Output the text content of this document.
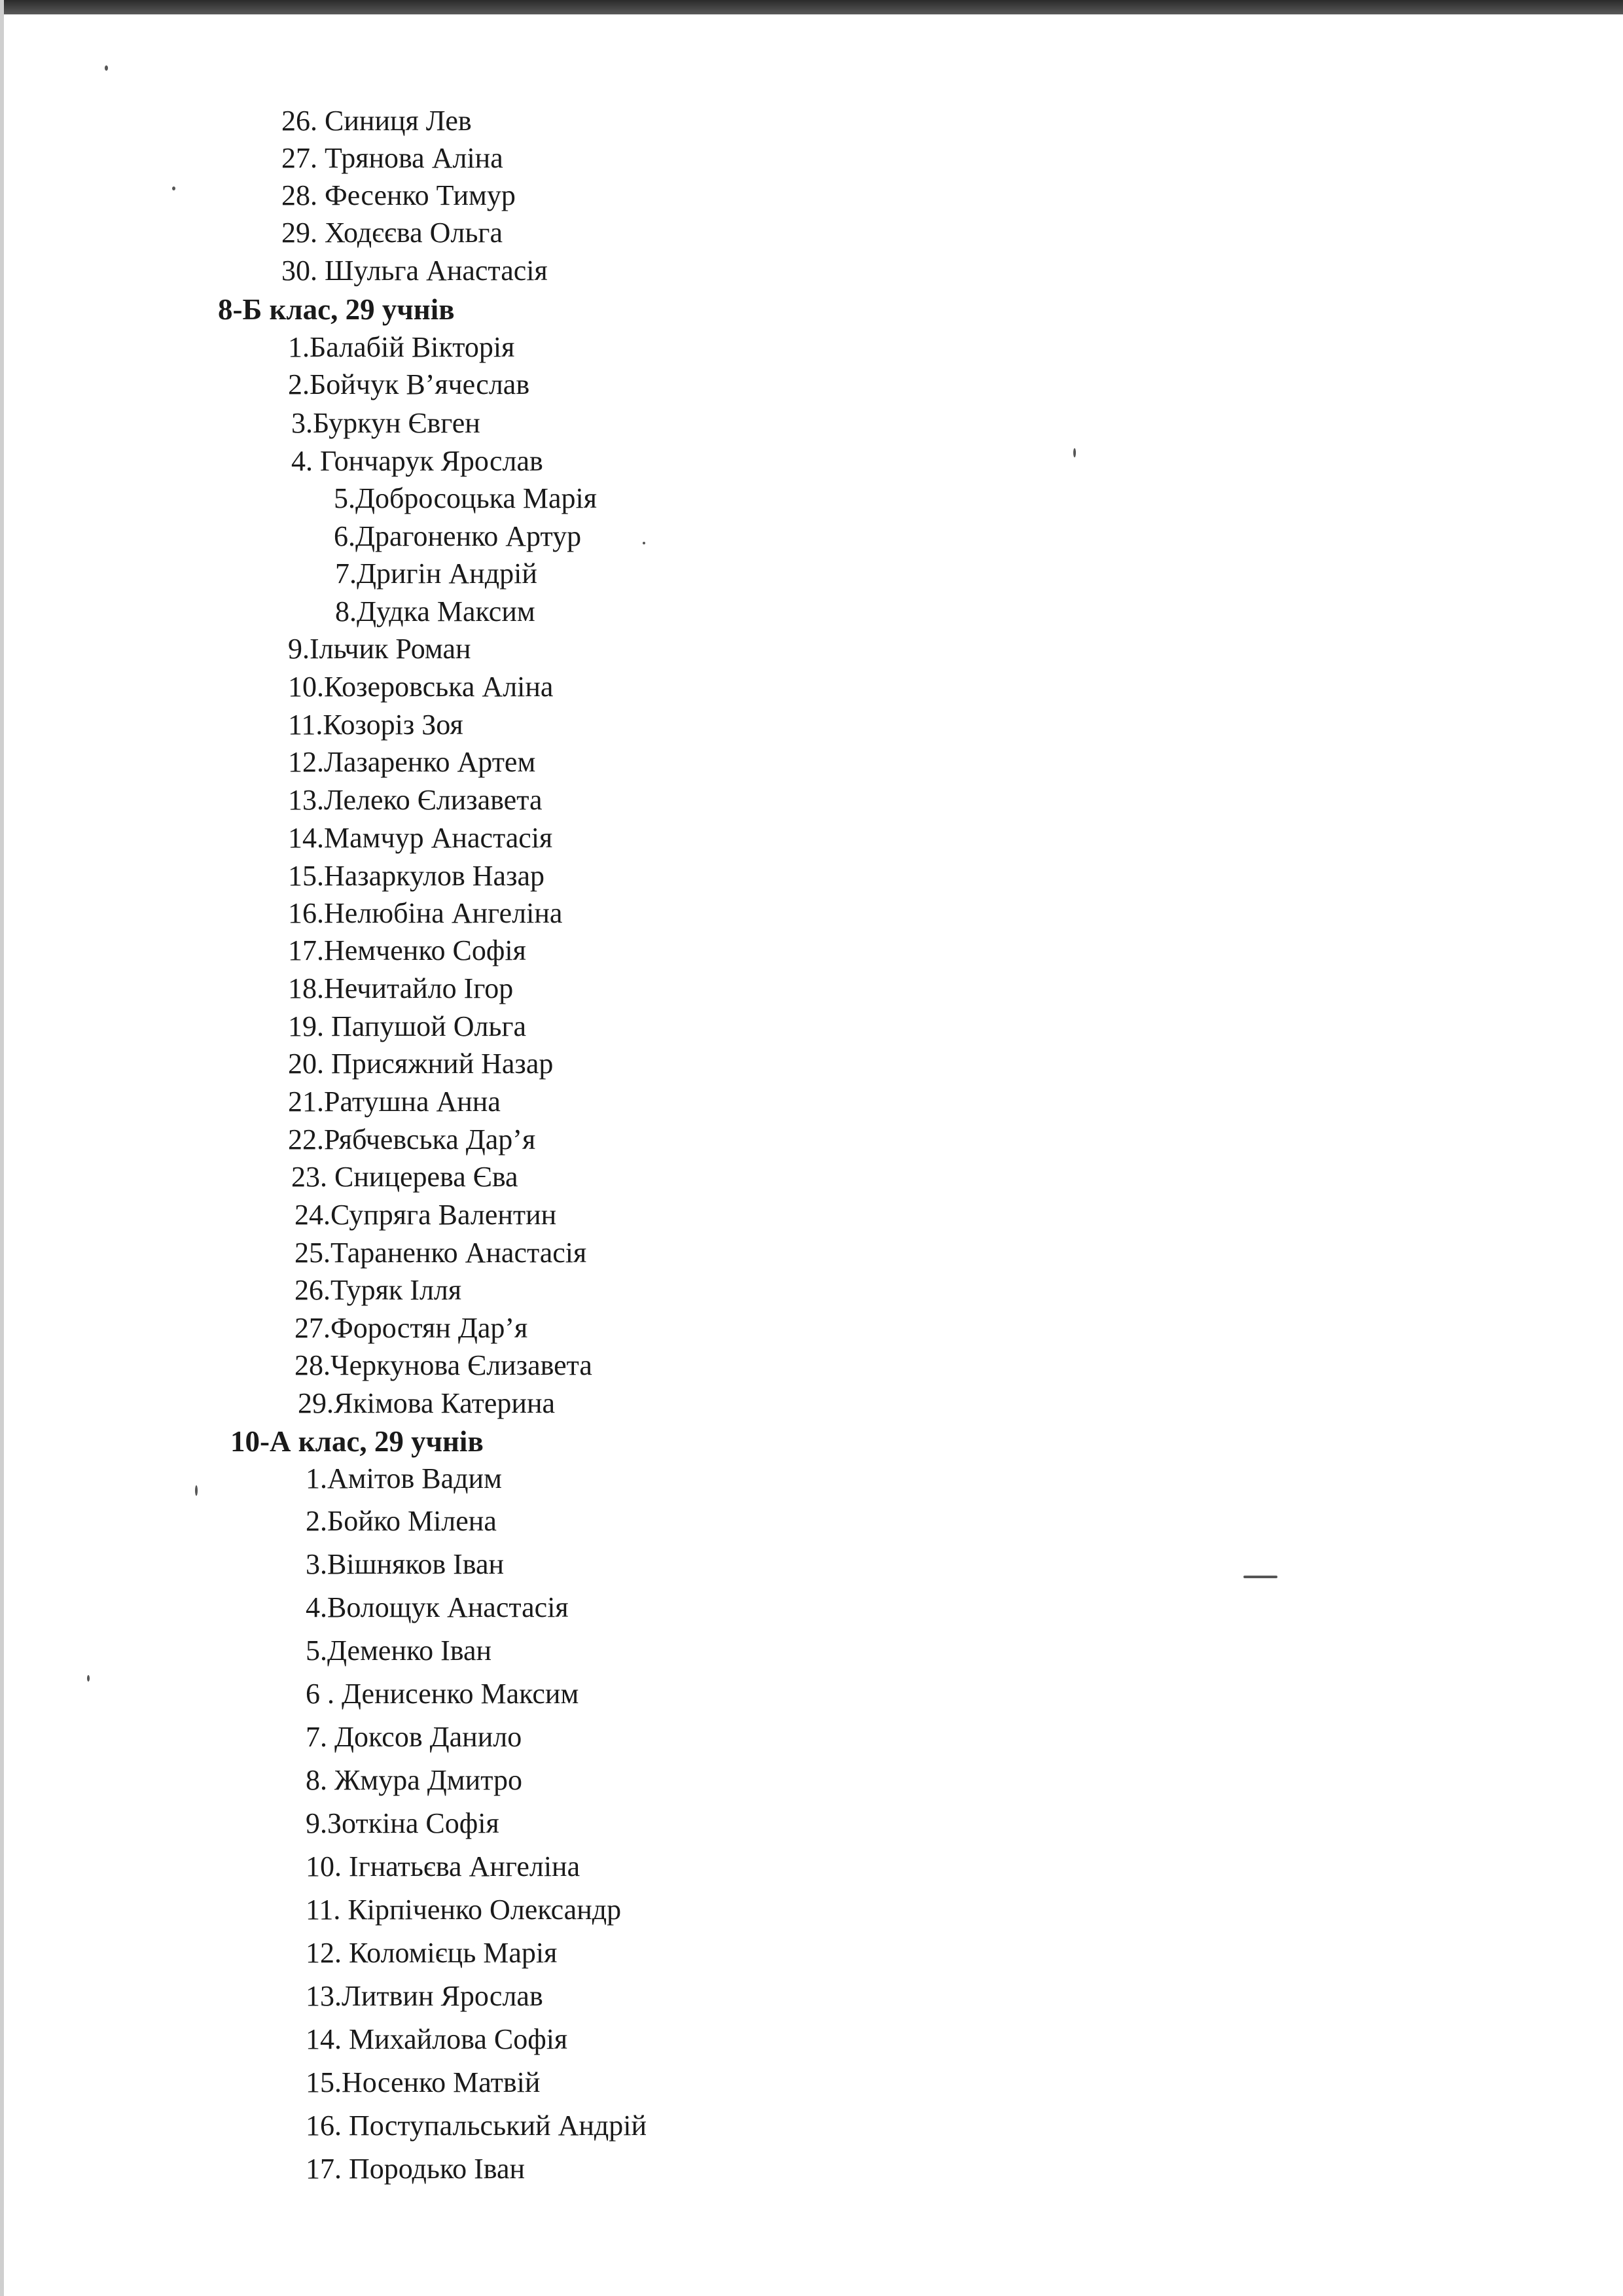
26. Синиця Лев
27. Трянова Аліна
28. Фесенко Тимур
29. Ходєєва Ольга
30. Шульга Анастасія
8-Б клас, 29 учнів
1.Балабій Вікторія
2.Бойчук В’ячеслав
3.Буркун Євген
4. Гончарук Ярослав
5.Добросоцька Марія
6.Драгоненко Артур
7.Дригін Андрій
8.Дудка Максим
9.Ільчик Роман
10.Козеровська Аліна
11.Козоріз Зоя
12.Лазаренко Артем
13.Лелеко Єлизавета
14.Мамчур Анастасія
15.Назаркулов Назар
16.Нелюбіна Ангеліна
17.Немченко Софія
18.Нечитайло Ігор
19. Папушой Ольга
20. Присяжний Назар
21.Ратушна Анна
22.Рябчевська Дар’я
23. Сницерева Єва
24.Супряга Валентин
25.Тараненко Анастасія
26.Туряк Ілля
27.Форостян Дар’я
28.Черкунова Єлизавета
29.Якімова Катерина
10-А клас, 29 учнів
1.Амітов Вадим
2.Бойко Мілена
3.Вішняков Іван
4.Волощук Анастасія
5.Деменко Іван
6 . Денисенко Максим
7. Доксов Данило
8. Жмура Дмитро
9.Зоткіна Софія
10. Ігнатьєва Ангеліна
11. Кірпіченко Олександр
12. Коломієць Марія
13.Литвин Ярослав
14. Михайлова Софія
15.Носенко Матвій
16. Поступальський Андрій
17. Породько Іван
